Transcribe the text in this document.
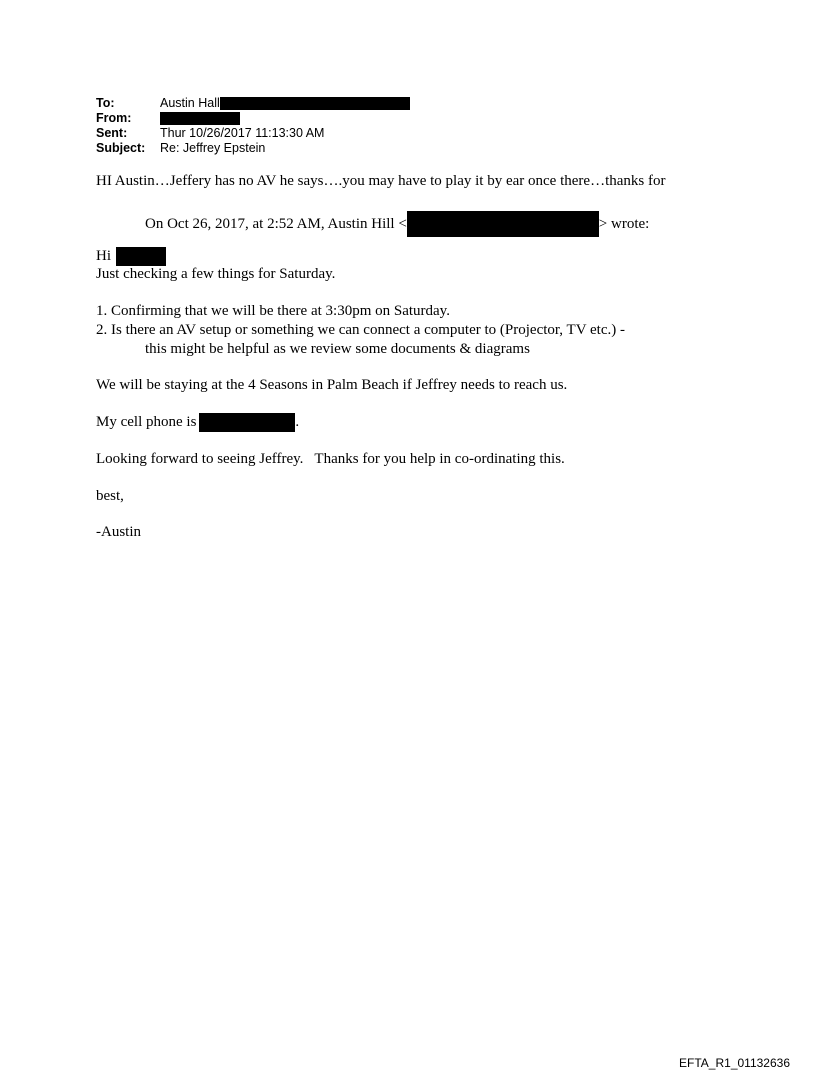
To:	Austin Hall
From:
Sent:	Thur 10/26/2017 11:13:30 AM
Subject:	Re: Jeffrey Epstein
HI Austin…Jeffery has no AV he says….you may have to play it by ear once there…thanks for
On Oct 26, 2017, at 2:52 AM, Austin Hill <	> wrote:
Hi
Just checking a few things for Saturday.
1. Confirming that we will be there at 3:30pm on Saturday.
2. Is there an AV setup or something we can connect a computer to (Projector, TV etc.) -
this might be helpful as we review some documents & diagrams
We will be staying at the 4 Seasons in Palm Beach if Jeffrey needs to reach us.
My cell phone is	.
Looking forward to seeing Jeffrey.   Thanks for you help in co-ordinating this.
best,
-Austin
EFTA_R1_01132636
